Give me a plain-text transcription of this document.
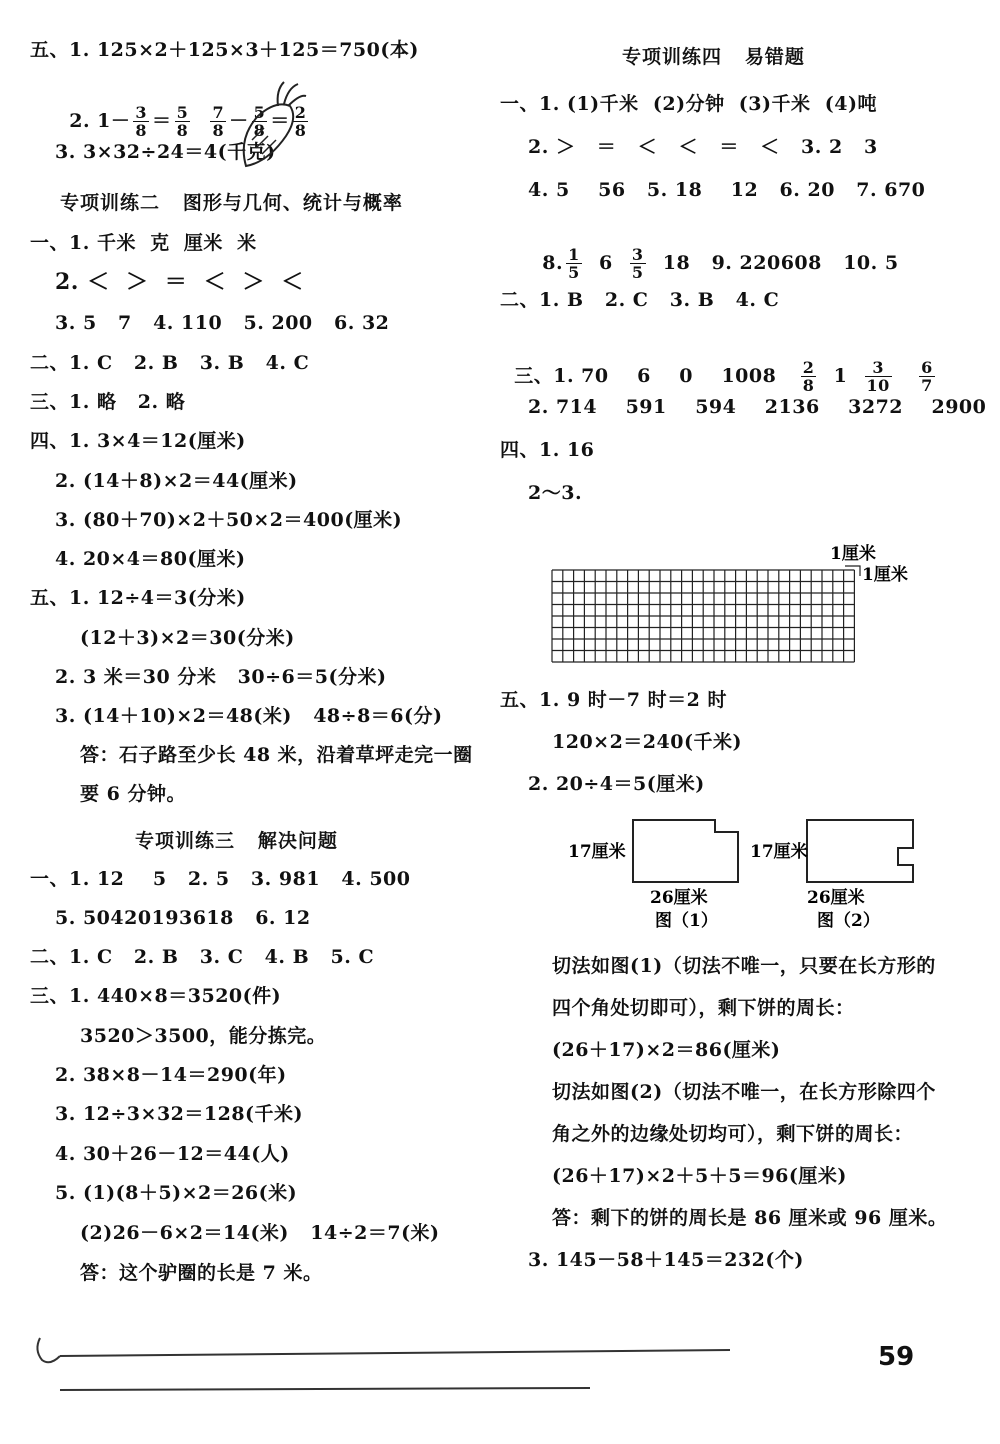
五、1. 125×2＋125×3＋125＝750(本)

2. $1- \frac{3}{8} = \frac{5}{8}$
$\frac{7}{8} - \frac{5}{8} = \frac{2}{8}$

3. 3×32÷24＝4(千克)
专项训练二   图形与几何、统计与概率
一、1. 千米  克  厘米  米
2. ＜  ＞  ＝  ＜  ＞  ＜
3. 5   7   4. 110   5. 200   6. 32
二、1. C   2. B   3. B   4. C
三、1. 略   2. 略
四、1. 3×4＝12(厘米)
2. (14＋8)×2＝44(厘米)
3. (80＋70)×2＋50×2＝400(厘米)
4. 20×4＝80(厘米)
五、1. 12÷4＝3(分米)
(12＋3)×2＝30(分米)
2. 3 米＝30 分米   30÷6＝5(分米)
3. (14＋10)×2＝48(米)   48÷8＝6(分)
答：石子路至少长 48 米，沿着草坪走完一圈
要 6 分钟。
专项训练三   解决问题
一、1. 12    5   2. 5   3. 981   4. 500
5. 50420193618   6. 12
二、1. C   2. B   3. C   4. B   5. C
三、1. 440×8＝3520(件)
3520＞3500，能分拣完。
2. 38×8－14＝290(年)
3. 12÷3×32＝128(千米)
4. 30＋26－12＝44(人)
5. (1)(8＋5)×2＝26(米)
(2)26－6×2＝14(米)   14÷2＝7(米)
答：这个驴圈的长是 7 米。
专项训练四   易错题
一、1. (1)千米  (2)分钟  (3)千米  (4)吨
2. ＞   ＝   ＜   ＜   ＝   ＜   3. 2   3
4. 5    56   5. 18    12   6. 20   7. 670

8. $\frac{1}{5} 6 \frac{3}{5} 18$   9. 220608   10. 5

二、1. B   2. C   3. B   4. C

三、1. 70    6    0    $1008 \frac{2}{8} 1 \frac{3}{10}$
$\frac{6}{7}$

2. 714    591    594    2136    3272    2900
四、1. 16
2～3.
1厘米
1厘米
五、1. 9 时－7 时＝2 时
120×2＝240(千米)
2. 20÷4＝5(厘米)
17厘米
26厘米
图（1）
17厘米
26厘米
图（2）
切法如图(1)（切法不唯一，只要在长方形的
四个角处切即可），剩下饼的周长：
(26＋17)×2＝86(厘米)
切法如图(2)（切法不唯一，在长方形除四个
角之外的边缘处切均可），剩下饼的周长：
(26＋17)×2＋5＋5＝96(厘米)
答：剩下的饼的周长是 86 厘米或 96 厘米。
3. 145－58＋145＝232(个)
59
